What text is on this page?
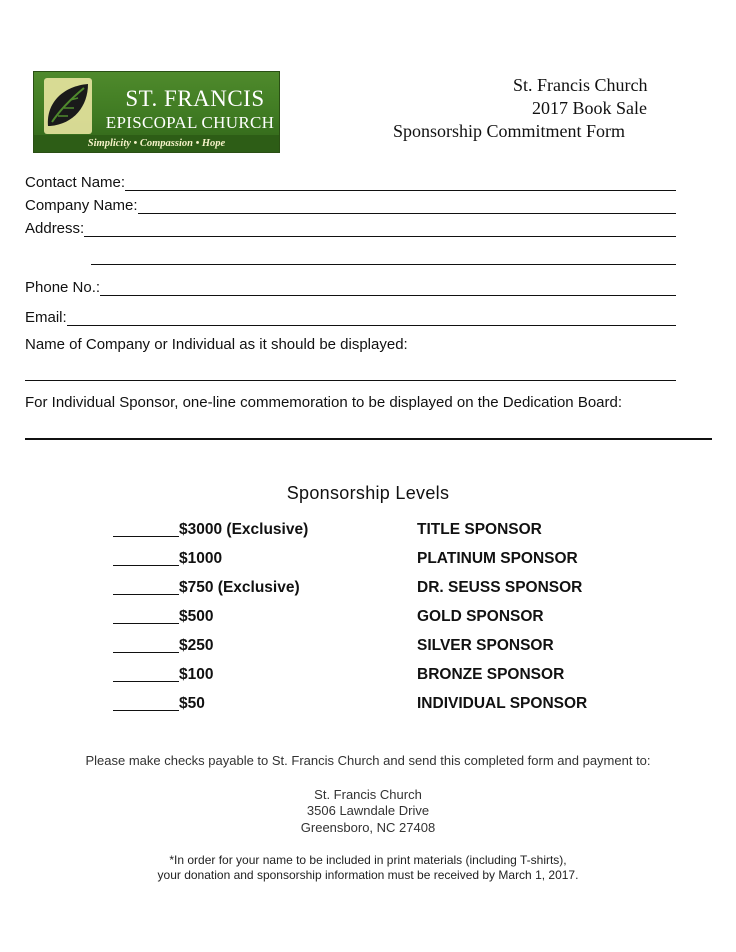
ST. FRANCIS
EPISCOPAL CHURCH
Simplicity • Compassion • Hope
St. Francis Church
2017 Book Sale
Sponsorship Commitment Form
Contact Name:
Company Name:
Address:
Phone No.:
Email:
Name of Company or Individual as it should be displayed:
For Individual Sponsor, one-line commemoration to be displayed on the Dedication Board:
Sponsorship Levels
$3000 (Exclusive)	TITLE SPONSOR
$1000	PLATINUM SPONSOR
$750 (Exclusive)	DR. SEUSS SPONSOR
$500	GOLD SPONSOR
$250	SILVER SPONSOR
$100	BRONZE SPONSOR
$50	INDIVIDUAL SPONSOR
Please make checks payable to St. Francis Church and send this completed form and payment to:
St. Francis Church
3506 Lawndale Drive
Greensboro, NC 27408
*In order for your name to be included in print materials (including T-shirts),
your donation and sponsorship information must be received by March 1, 2017.
